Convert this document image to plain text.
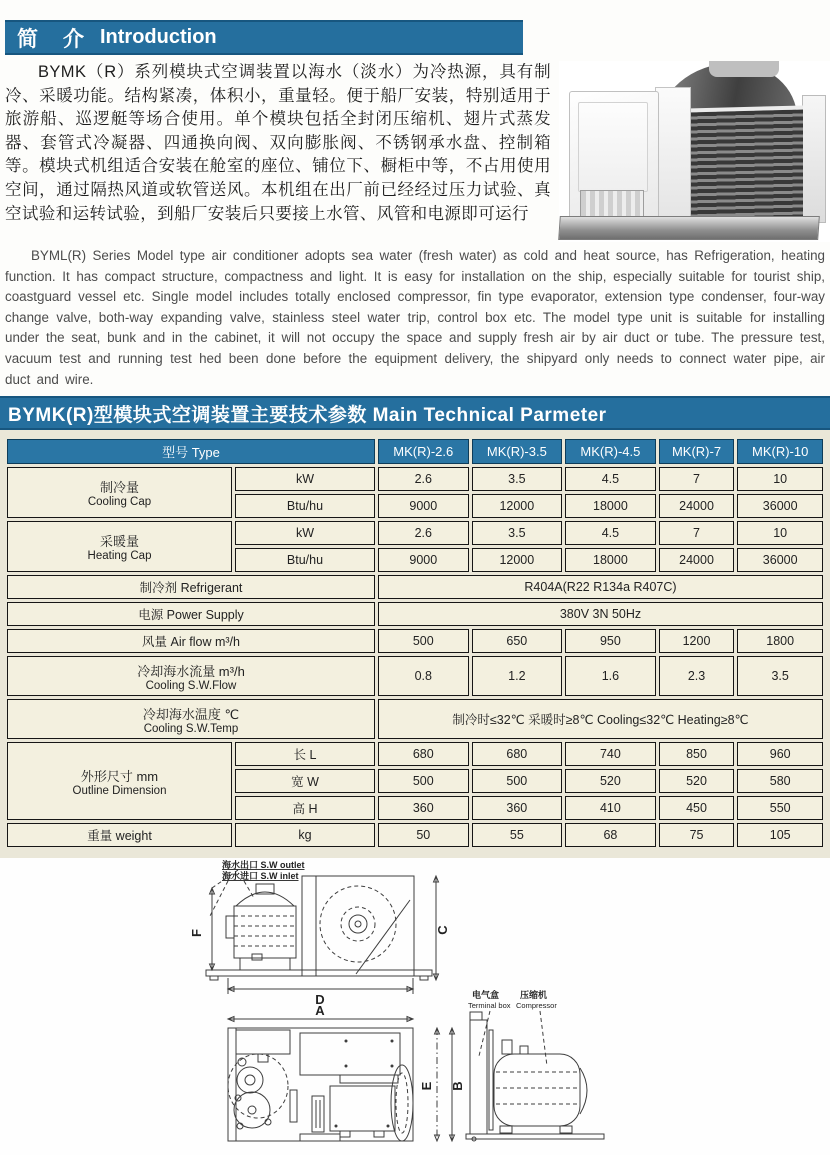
简　介 Introduction
BYMK（R）系列模块式空调装置以海水（淡水）为冷热源，具有制冷、采暖功能。结构紧凑，体积小，重量轻。便于船厂安装，特别适用于旅游船、巡逻艇等场合使用。单个模块包括全封闭压缩机、翅片式蒸发器、套管式冷凝器、四通换向阀、双向膨胀阀、不锈钢承水盘、控制箱等。模块式机组适合安装在舱室的座位、铺位下、橱柜中等，不占用使用空间，通过隔热风道或软管送风。本机组在出厂前已经经过压力试验、真空试验和运转试验，到船厂安装后只要接上水管、风管和电源即可运行
BYML(R) Series Model type air conditioner adopts sea water (fresh water) as cold and heat source, has Refrigeration, heating function. It has compact structure, compactness and light. It is easy for installation on the ship, especially suitable for tourist ship, coastguard vessel etc. Single model includes totally enclosed compressor, fin type evaporator, extension type condenser, four-way change valve, both-way expanding valve, stainless steel water trip, control box etc. The model type unit is suitable for installing under the seat, bunk and in the cabinet, it will not occupy the space and supply fresh air by air duct or tube. The pressure test, vacuum test and running test hed been done before the equipment delivery, the shipyard only needs to connect water pipe, air duct and wire.
BYMK(R)型模块式空调装置主要技术参数 Main Technical Parmeter
型号 Type		MK(R)-2.6	MK(R)-3.5	MK(R)-4.5	MK(R)-7	MK(R)-10

制冷量
Cooling Cap	kW	2.6	3.5	4.5	7	10
	Btu/hu	9000	12000	18000	24000	36000

采暖量
Heating Cap	kW	2.6	3.5	4.5	7	10
	Btu/hu	9000	12000	18000	24000	36000
制冷剂 Refrigerant		R404A(R22 R134a R407C)				
电源 Power Supply		380V 3N 50Hz				
风量 Air flow m³/h		500	650	950	1200	1800

冷却海水流量 m³/h
Cooling S.W.Flow		0.8	1.2	1.6	2.3	3.5

冷却海水温度 ℃
Cooling S.W.Temp		制冷时≤32℃ 采暖时≥8℃ Cooling≤32℃ Heating≥8℃				

外形尺寸 mm
Outline Dimension	长 L	680	680	740	850	960
	宽 W	500	500	520	520	580
	高 H	360	360	410	450	550
重量 weight	kg	50	55	68	75	105
海水出口 S.W outlet
海水进口 S.W inlet
F	C
D
A
E B
电气盒
Terminal box
压缩机
Compressor
